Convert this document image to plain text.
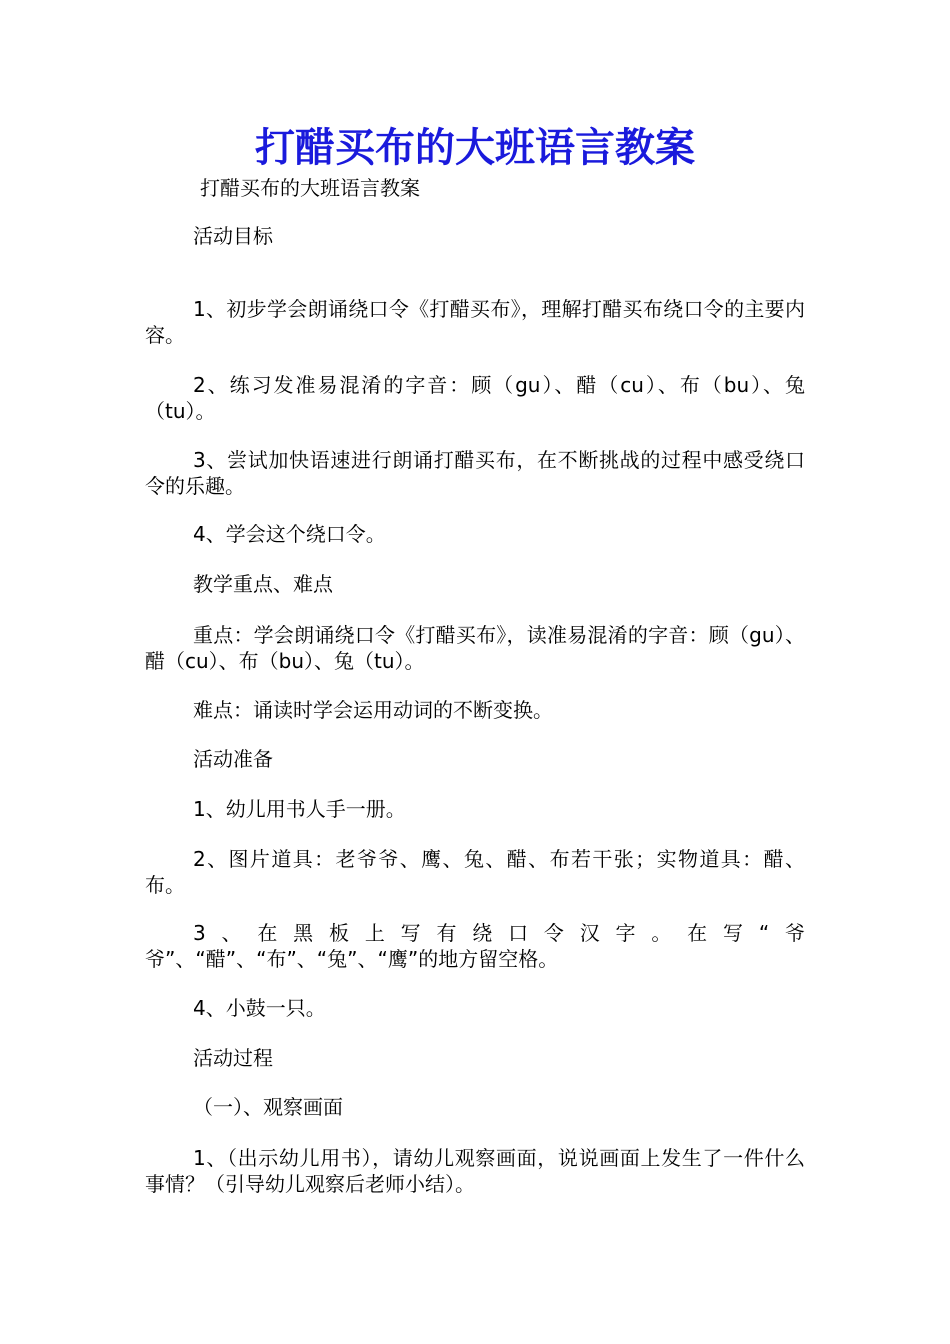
打醋买布的大班语言教案
打醋买布的大班语言教案

活动目标

1、初步学会朗诵绕口令《打醋买布》，理解打醋买布绕口令的主要内容。

2、练习发准易混淆的字音：顾（gu）、醋（cu）、布（bu）、兔（tu）。

3、尝试加快语速进行朗诵打醋买布，在不断挑战的过程中感受绕口令的乐趣。

4、学会这个绕口令。

教学重点、难点

重点：学会朗诵绕口令《打醋买布》，读准易混淆的字音：顾（gu）、醋（cu）、布（bu）、兔（tu）。

难点：诵读时学会运用动词的不断变换。

活动准备

1、幼儿用书人手一册。

2、图片道具：老爷爷、鹰、兔、醋、布若干张；实物道具：醋、布。

3、在黑板上写有绕口令汉字。在写“爷爷”、“醋”、“布”、“兔”、“鹰”的地方留空格。

4、小鼓一只。

活动过程

（一）、观察画面

1、（出示幼儿用书），请幼儿观察画面，说说画面上发生了一件什么事情？（引导幼儿观察后老师小结）。
